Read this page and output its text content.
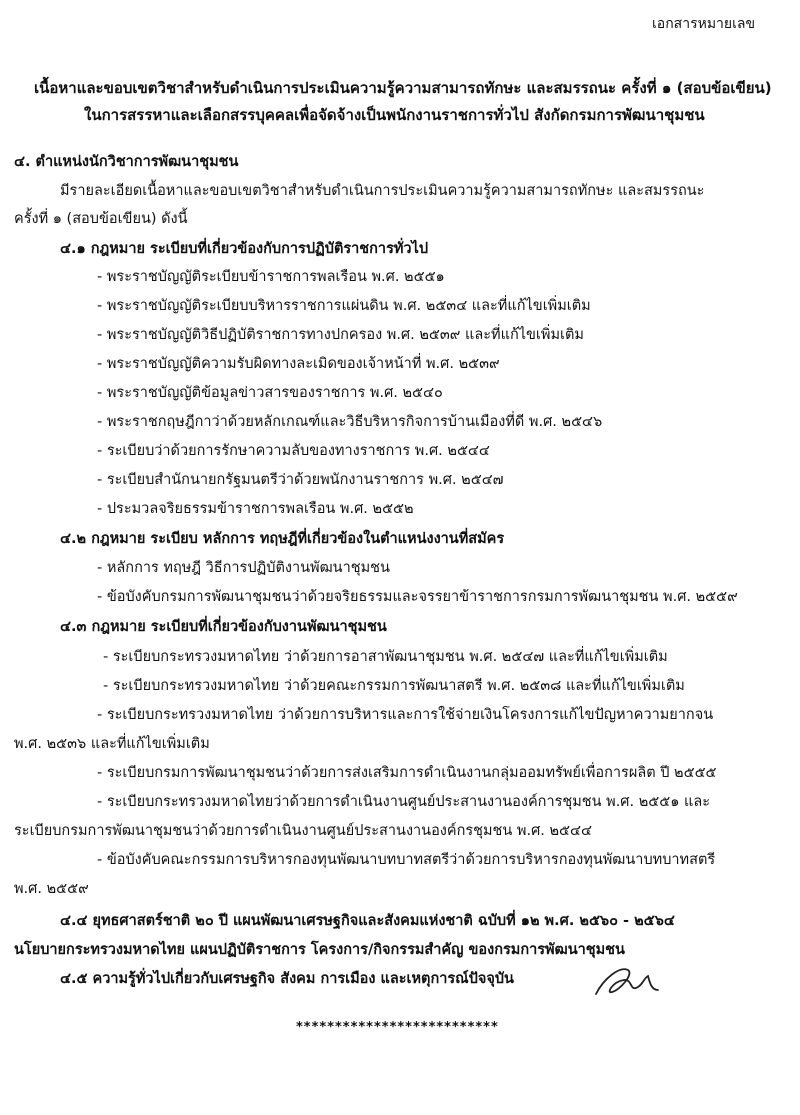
เอกสารหมายเลข
เนื้อหาและขอบเขตวิชาสำหรับดำเนินการประเมินความรู้ความสามารถทักษะ และสมรรถนะ ครั้งที่ ๑ (สอบข้อเขียน)
ในการสรรหาและเลือกสรรบุคคลเพื่อจัดจ้างเป็นพนักงานราชการทั่วไป สังกัดกรมการพัฒนาชุมชน
๔. ตำแหน่งนักวิชาการพัฒนาชุมชน
มีรายละเอียดเนื้อหาและขอบเขตวิชาสำหรับดำเนินการประเมินความรู้ความสามารถทักษะ และสมรรถนะ
ครั้งที่ ๑ (สอบข้อเขียน) ดังนี้
๔.๑ กฎหมาย ระเบียบที่เกี่ยวข้องกับการปฏิบัติราชการทั่วไป
- พระราชบัญญัติระเบียบข้าราชการพลเรือน พ.ศ. ๒๕๕๑
- พระราชบัญญัติระเบียบบริหารราชการแผ่นดิน พ.ศ. ๒๕๓๔ และที่แก้ไขเพิ่มเติม
- พระราชบัญญัติวิธีปฏิบัติราชการทางปกครอง พ.ศ. ๒๕๓๙ และที่แก้ไขเพิ่มเติม
- พระราชบัญญัติความรับผิดทางละเมิดของเจ้าหน้าที่ พ.ศ. ๒๕๓๙
- พระราชบัญญัติข้อมูลข่าวสารของราชการ พ.ศ. ๒๕๔๐
- พระราชกฤษฎีกาว่าด้วยหลักเกณฑ์และวิธีบริหารกิจการบ้านเมืองที่ดี พ.ศ. ๒๕๔๖
- ระเบียบว่าด้วยการรักษาความลับของทางราชการ พ.ศ. ๒๕๔๔
- ระเบียบสำนักนายกรัฐมนตรีว่าด้วยพนักงานราชการ พ.ศ. ๒๕๔๗
- ประมวลจริยธรรมข้าราชการพลเรือน พ.ศ. ๒๕๕๒
๔.๒ กฎหมาย ระเบียบ หลักการ ทฤษฎีที่เกี่ยวข้องในตำแหน่งงานที่สมัคร
- หลักการ ทฤษฎี วิธีการปฏิบัติงานพัฒนาชุมชน
- ข้อบังคับกรมการพัฒนาชุมชนว่าด้วยจริยธรรมและจรรยาข้าราชการกรมการพัฒนาชุมชน พ.ศ. ๒๕๕๙
๔.๓ กฎหมาย ระเบียบที่เกี่ยวข้องกับงานพัฒนาชุมชน
- ระเบียบกระทรวงมหาดไทย ว่าด้วยการอาสาพัฒนาชุมชน พ.ศ. ๒๕๔๗ และที่แก้ไขเพิ่มเติม
- ระเบียบกระทรวงมหาดไทย ว่าด้วยคณะกรรมการพัฒนาสตรี พ.ศ. ๒๕๓๘ และที่แก้ไขเพิ่มเติม
- ระเบียบกระทรวงมหาดไทย ว่าด้วยการบริหารและการใช้จ่ายเงินโครงการแก้ไขปัญหาความยากจน
พ.ศ. ๒๕๓๖ และที่แก้ไขเพิ่มเติม
- ระเบียบกรมการพัฒนาชุมชนว่าด้วยการส่งเสริมการดำเนินงานกลุ่มออมทรัพย์เพื่อการผลิต ปี ๒๕๕๕
- ระเบียบกระทรวงมหาดไทยว่าด้วยการดำเนินงานศูนย์ประสานงานองค์การชุมชน พ.ศ. ๒๕๕๑ และ
ระเบียบกรมการพัฒนาชุมชนว่าด้วยการดำเนินงานศูนย์ประสานงานองค์กรชุมชน พ.ศ. ๒๕๔๔
- ข้อบังคับคณะกรรมการบริหารกองทุนพัฒนาบทบาทสตรีว่าด้วยการบริหารกองทุนพัฒนาบทบาทสตรี
พ.ศ. ๒๕๕๙
๔.๔ ยุทธศาสตร์ชาติ ๒๐ ปี แผนพัฒนาเศรษฐกิจและสังคมแห่งชาติ ฉบับที่ ๑๒ พ.ศ. ๒๕๖๐ - ๒๕๖๔
นโยบายกระทรวงมหาดไทย แผนปฏิบัติราชการ โครงการ/กิจกรรมสำคัญ ของกรมการพัฒนาชุมชน
๔.๕ ความรู้ทั่วไปเกี่ยวกับเศรษฐกิจ สังคม การเมือง และเหตุการณ์ปัจจุบัน
**************************
